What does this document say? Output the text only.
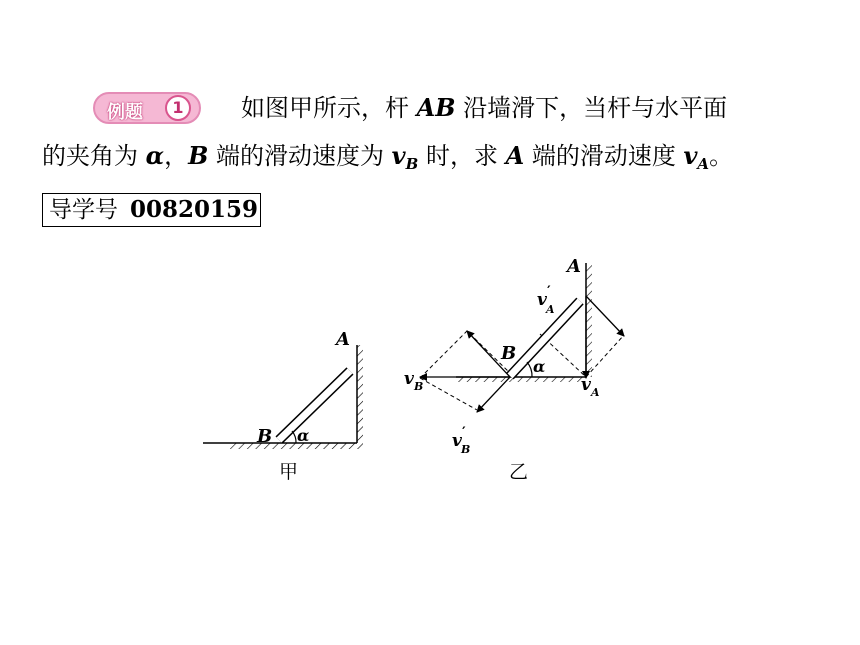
例题	1	如图甲所示，杆 AB 沿墙滑下，当杆与水平面
的夹角为 α，B 端的滑动速度为 $v_B$ 时，求 A 端的滑动速度 $v_A$。
导学号 00820159
A
B α
甲
A
B
α
v ′
A
v B	v A
v ′
B
乙
